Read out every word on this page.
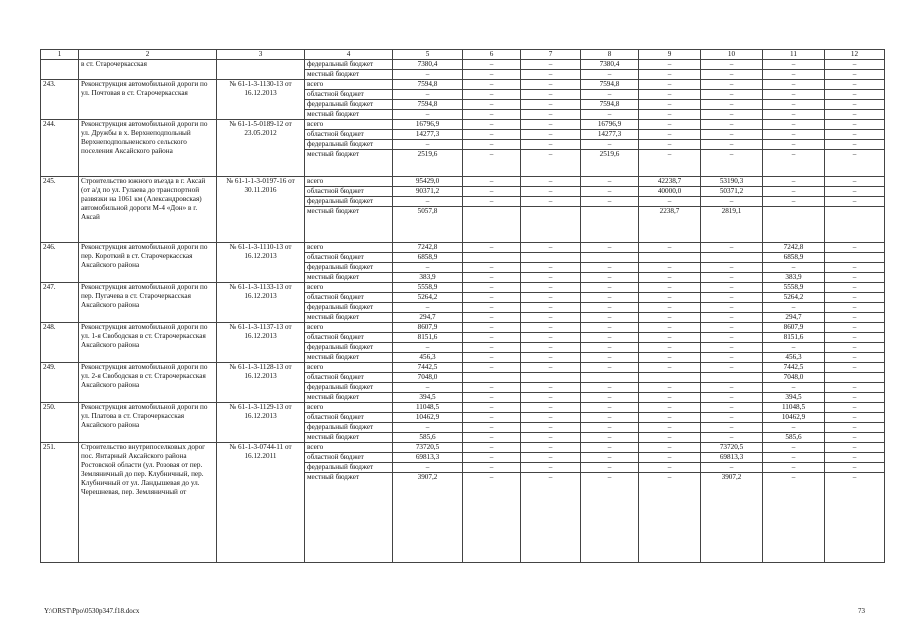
1	2	3	4	5	6	7	8	9	10	11	12
	в ст. Старочеркасская		федеральный бюджет	7380,4	–	–	7380,4	–	–	–	–
			местный бюджет	–	–	–	–	–	–	–	–
243.	Реконструкция автомобильной дороги по ул. Почтовая в ст. Старочеркасская	№ 61-1-3-1130-13 от 16.12.2013	всего	7594,8	–	–	7594,8	–	–	–	–
			областной бюджет	–	–	–	–	–	–	–	–
			федеральный бюджет	7594,8	–	–	7594,8	–	–	–	–
			местный бюджет	–	–	–	–	–	–	–	–
244.	Реконструкция автомобильной дороги по ул. Дружбы в х. Верхнеподпольный Верхнеподпольненского сельского поселения Аксайского района	№ 61-1-5-0189-12 от 23.05.2012	всего	16796,9	–	–	16796,9	–	–	–	–
			областной бюджет	14277,3	–	–	14277,3	–	–	–	–
			федеральный бюджет	–	–	–	–	–	–	–	–
			местный бюджет	2519,6	–	–	2519,6	–	–	–	–
245.	Строительство южного въезда в г. Аксай (от а/д по ул. Гулаева до транспортной развязки на 1061 км (Александровская) автомобильной дороги М-4 «Дон» в г. Аксай	№ 61-1-1-3-0197-16 от 30.11.2016	всего	95429,0	–	–	–	42238,7	53190,3	–	–
			областной бюджет	90371,2	–	–	–	40000,0	50371,2	–	–
			федеральный бюджет	–	–	–	–	–	–	–	–
			местный бюджет	5057,8				2238,7	2819,1		
246.	Реконструкция автомобильной дороги по пер. Короткий в ст. Старочеркасская Аксайского района	№ 61-1-3-1110-13 от 16.12.2013	всего	7242,8	–	–	–	–	–	7242,8	–
			областной бюджет	6858,9						6858,9	
			федеральный бюджет	–	–	–	–	–	–	–	–
			местный бюджет	383,9	–	–	–	–	–	383,9	–
247.	Реконструкция автомобильной дороги по пер. Пугачева в ст. Старочеркасская Аксайского района	№ 61-1-3-1133-13 от 16.12.2013	всего	5558,9	–	–	–	–	–	5558,9	–
			областной бюджет	5264,2	–	–	–	–	–	5264,2	–
			федеральный бюджет	–	–	–	–	–	–	–	–
			местный бюджет	294,7	–	–	–	–	–	294,7	–
248.	Реконструкция автомобильной дороги по ул. 1-я Свободская в ст. Старочеркасская Аксайского района	№ 61-1-3-1137-13 от 16.12.2013	всего	8607,9	–	–	–	–	–	8607,9	–
			областной бюджет	8151,6	–	–	–	–	–	8151,6	–
			федеральный бюджет	–	–	–	–	–	–	–	–
			местный бюджет	456,3	–	–	–	–	–	456,3	–
249.	Реконструкция автомобильной дороги по ул. 2-я Свободская в ст. Старочеркасская Аксайского района	№ 61-1-3-1128-13 от 16.12.2013	всего	7442,5	–	–	–	–	–	7442,5	–
			областной бюджет	7048,0						7048,0	
			федеральный бюджет	–	–	–	–	–	–	–	–
			местный бюджет	394,5	–	–	–	–	–	394,5	–
250.	Реконструкция автомобильной дороги по ул. Платова в ст. Старочеркасская Аксайского района	№ 61-1-3-1129-13 от 16.12.2013	всего	11048,5	–	–	–	–	–	11048,5	–
			областной бюджет	10462,9	–	–	–	–	–	10462,9	–
			федеральный бюджет	–	–	–	–	–	–	–	–
			местный бюджет	585,6	–	–	–	–	–	585,6	–
251.	Строительство внутрипоселковых дорог пос. Янтарный Аксайского района Ростовской области (ул. Розовая от пер. Земляничный до пер. Клубничный, пер. Клубничный от ул. Ландышевая до ул. Черешневая, пер. Земляничный от	№ 61-1-3-0744-11 от 16.12.2011	всего	73720,5	–	–	–	–	73720,5	–	–
			областной бюджет	69813,3	–	–	–	–	69813,3	–	–
			федеральный бюджет	–	–	–	–	–	–	–	–
			местный бюджет	3907,2	–	–	–	–	3907,2	–	–
Y:\ORST\Ppo\0530p347.f18.docx	73
